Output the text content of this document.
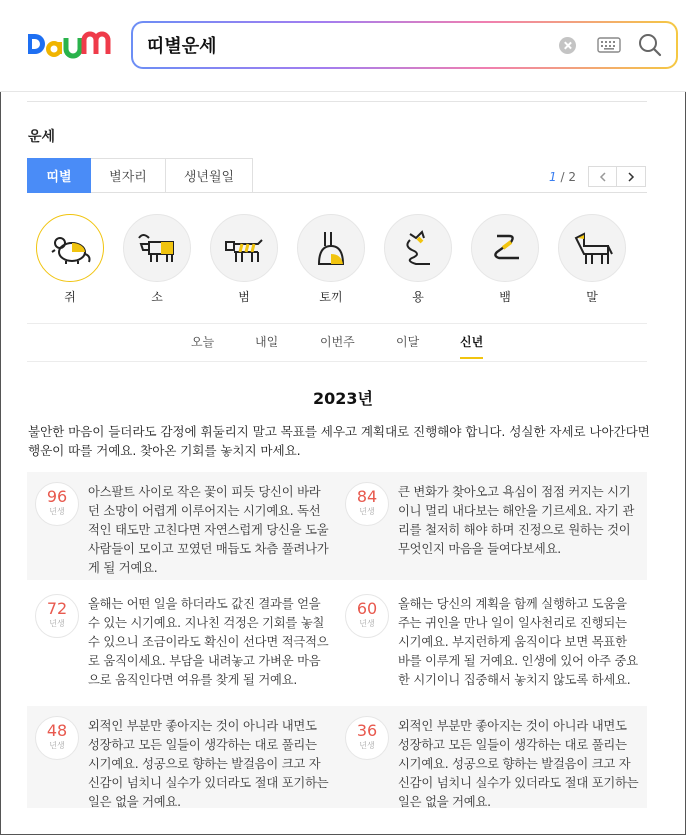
띠별운세
운세
띠별	별자리	생년월일	1 / 2
쥐	소	범	토끼	용	뱀	말
오늘	내일	이번주	이달	신년
2023년
불안한 마음이 들더라도 감정에 휘둘리지 말고 목표를 세우고 계획대로 진행해야 합니다. 성실한 자세로 나아간다면 행운이 따를 거예요. 찾아온 기회를 놓치지 마세요.
96
년생
아스팔트 사이로 작은 꽃이 피듯 당신이 바라던 소망이 어렵게 이루어지는 시기예요. 독선적인 태도만 고친다면 자연스럽게 당신을 도울 사람들이 모이고 꼬였던 매듭도 차츰 풀려나가게 될 거예요.
84
년생
큰 변화가 찾아오고 욕심이 점점 커지는 시기이니 멀리 내다보는 해안을 기르세요. 자기 관리를 철저히 해야 하며 진정으로 원하는 것이 무엇인지 마음을 들여다보세요.
72
년생
올해는 어떤 일을 하더라도 값진 결과를 얻을 수 있는 시기예요. 지나친 걱정은 기회를 놓칠 수 있으니 조금이라도 확신이 선다면 적극적으로 움직이세요. 부담을 내려놓고 가벼운 마음으로 움직인다면 여유를 찾게 될 거예요.
60
년생
올해는 당신의 계획을 함께 실행하고 도움을 주는 귀인을 만나 일이 일사천리로 진행되는 시기예요. 부지런하게 움직이다 보면 목표한 바를 이루게 될 거예요. 인생에 있어 아주 중요한 시기이니 집중해서 놓치지 않도록 하세요.
48
년생
외적인 부분만 좋아지는 것이 아니라 내면도 성장하고 모든 일들이 생각하는 대로 풀리는 시기예요. 성공으로 향하는 발걸음이 크고 자신감이 넘치니 실수가 있더라도 절대 포기하는 일은 없을 거예요.
36
년생
외적인 부분만 좋아지는 것이 아니라 내면도 성장하고 모든 일들이 생각하는 대로 풀리는 시기예요. 성공으로 향하는 발걸음이 크고 자신감이 넘치니 실수가 있더라도 절대 포기하는 일은 없을 거예요.
